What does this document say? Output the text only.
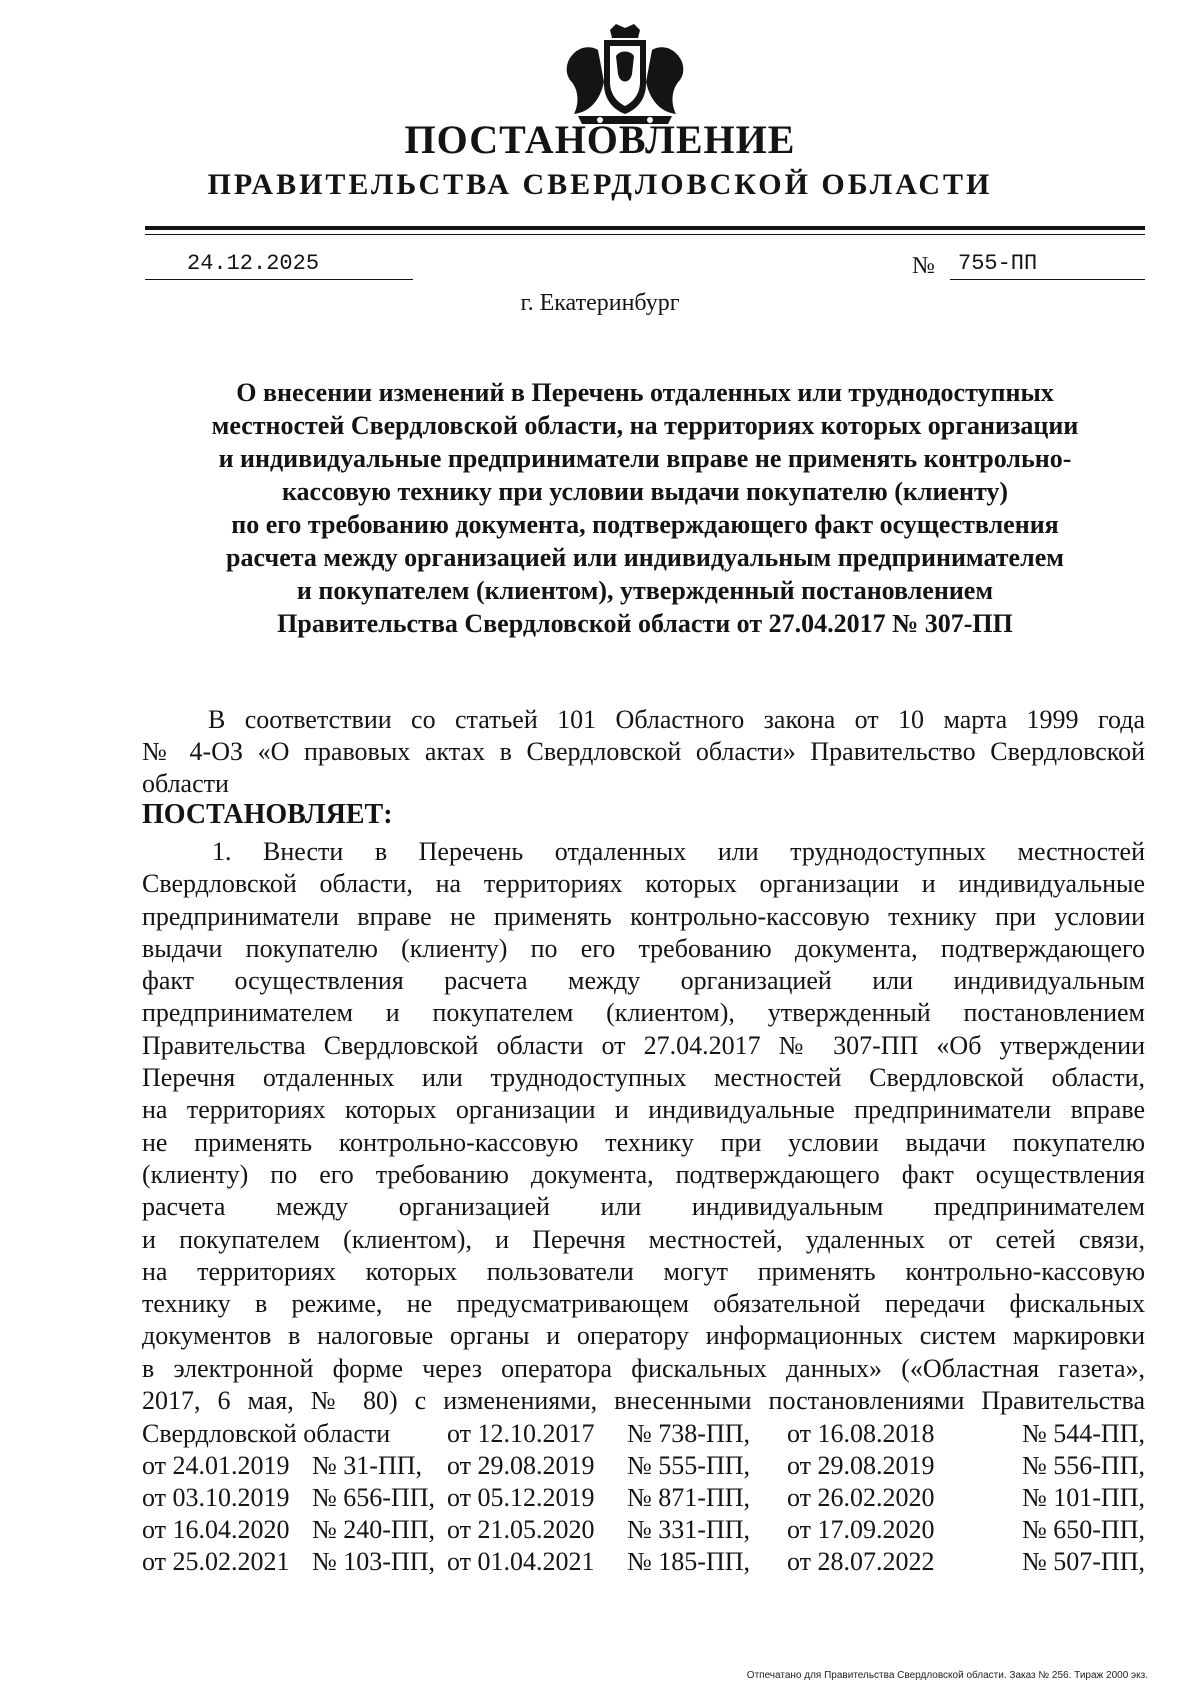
ПОСТАНОВЛЕНИЕ
ПРАВИТЕЛЬСТВА СВЕРДЛОВСКОЙ ОБЛАСТИ
24.12.2025	№	755-ПП
г. Екатеринбург
О внесении изменений в Перечень отдаленных или труднодоступных
местностей Свердловской области, на территориях которых организации
и индивидуальные предприниматели вправе не применять контрольно-
кассовую технику при условии выдачи покупателю (клиенту)
по его требованию документа, подтверждающего факт осуществления
расчета между организацией или индивидуальным предпринимателем
и покупателем (клиентом), утвержденный постановлением
Правительства Свердловской области от 27.04.2017 № 307-ПП
В соответствии со статьей 101 Областного закона от 10 марта 1999 года
№ 4-ОЗ «О правовых актах в Свердловской области» Правительство Свердловской
области
ПОСТАНОВЛЯЕТ:
1. Внести в Перечень отдаленных или труднодоступных местностей
Свердловской области, на территориях которых организации и индивидуальные
предприниматели вправе не применять контрольно-кассовую технику при условии
выдачи покупателю (клиенту) по его требованию документа, подтверждающего
факт осуществления расчета между организацией или индивидуальным
предпринимателем и покупателем (клиентом), утвержденный постановлением
Правительства Свердловской области от 27.04.2017 № 307-ПП «Об утверждении
Перечня отдаленных или труднодоступных местностей Свердловской области,
на территориях которых организации и индивидуальные предприниматели вправе
не применять контрольно-кассовую технику при условии выдачи покупателю
(клиенту) по его требованию документа, подтверждающего факт осуществления
расчета между организацией или индивидуальным предпринимателем
и покупателем (клиентом), и Перечня местностей, удаленных от сетей связи,
на территориях которых пользователи могут применять контрольно-кассовую
технику в режиме, не предусматривающем обязательной передачи фискальных
документов в налоговые органы и оператору информационных систем маркировки
в электронной форме через оператора фискальных данных» («Областная газета»,
2017, 6 мая, № 80) с изменениями, внесенными постановлениями Правительства
Свердловской области		от 12.10.2017	№ 738-ПП,	от 16.08.2018	№ 544-ПП,
от 24.01.2019	№ 31-ПП,	от 29.08.2019	№ 555-ПП,	от 29.08.2019	№ 556-ПП,
от 03.10.2019	№ 656-ПП,	от 05.12.2019	№ 871-ПП,	от 26.02.2020	№ 101-ПП,
от 16.04.2020	№ 240-ПП,	от 21.05.2020	№ 331-ПП,	от 17.09.2020	№ 650-ПП,
от 25.02.2021	№ 103-ПП,	от 01.04.2021	№ 185-ПП,	от 28.07.2022	№ 507-ПП,
Отпечатано для Правительства Свердловской области. Заказ № 256. Тираж 2000 экз.
